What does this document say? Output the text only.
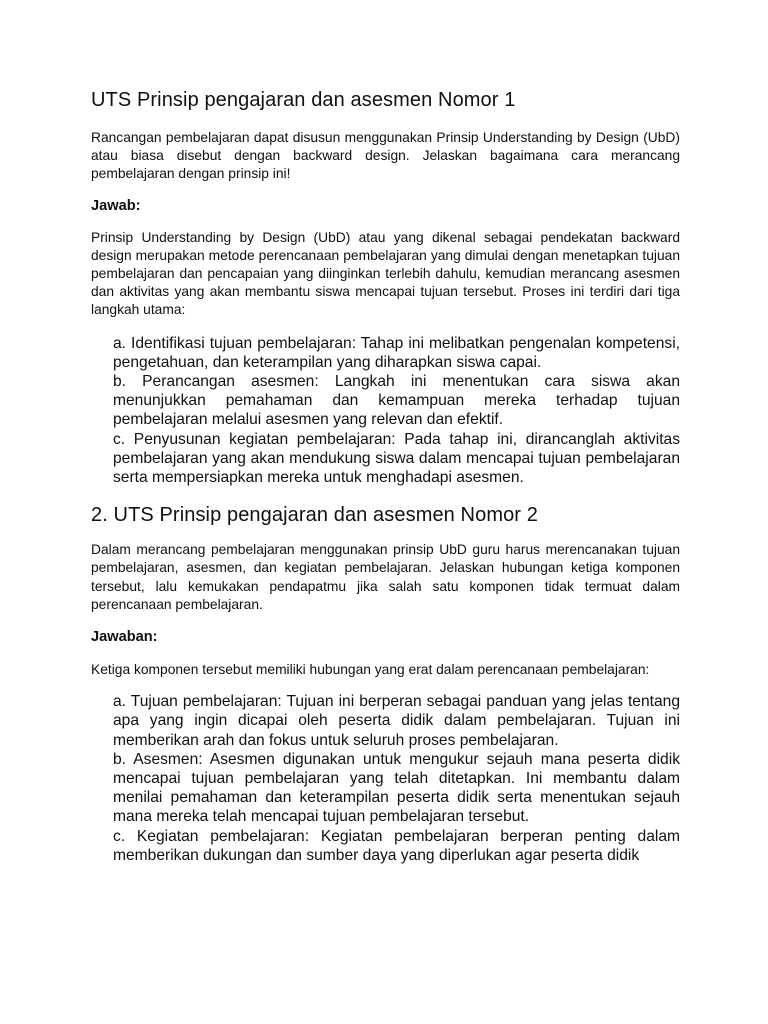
UTS Prinsip pengajaran dan asesmen Nomor 1

Rancangan pembelajaran dapat disusun menggunakan Prinsip Understanding by Design (UbD) atau biasa disebut dengan backward design. Jelaskan bagaimana cara merancang pembelajaran dengan prinsip ini!

Jawab:

Prinsip Understanding by Design (UbD) atau yang dikenal sebagai pendekatan backward design merupakan metode perencanaan pembelajaran yang dimulai dengan menetapkan tujuan pembelajaran dan pencapaian yang diinginkan terlebih dahulu, kemudian merancang asesmen dan aktivitas yang akan membantu siswa mencapai tujuan tersebut. Proses ini terdiri dari tiga langkah utama:

a. Identifikasi tujuan pembelajaran: Tahap ini melibatkan pengenalan kompetensi, pengetahuan, dan keterampilan yang diharapkan siswa capai.
b. Perancangan asesmen: Langkah ini menentukan cara siswa akan menunjukkan pemahaman dan kemampuan mereka terhadap tujuan pembelajaran melalui asesmen yang relevan dan efektif.
c. Penyusunan kegiatan pembelajaran: Pada tahap ini, dirancanglah aktivitas pembelajaran yang akan mendukung siswa dalam mencapai tujuan pembelajaran serta mempersiapkan mereka untuk menghadapi asesmen.
2. UTS Prinsip pengajaran dan asesmen Nomor 2

Dalam merancang pembelajaran menggunakan prinsip UbD guru harus merencanakan tujuan pembelajaran, asesmen, dan kegiatan pembelajaran. Jelaskan hubungan ketiga komponen tersebut, lalu kemukakan pendapatmu jika salah satu komponen tidak termuat dalam perencanaan pembelajaran.

Jawaban:

Ketiga komponen tersebut memiliki hubungan yang erat dalam perencanaan pembelajaran:

a. Tujuan pembelajaran: Tujuan ini berperan sebagai panduan yang jelas tentang apa yang ingin dicapai oleh peserta didik dalam pembelajaran. Tujuan ini memberikan arah dan fokus untuk seluruh proses pembelajaran.
b. Asesmen: Asesmen digunakan untuk mengukur sejauh mana peserta didik mencapai tujuan pembelajaran yang telah ditetapkan. Ini membantu dalam menilai pemahaman dan keterampilan peserta didik serta menentukan sejauh mana mereka telah mencapai tujuan pembelajaran tersebut.
c. Kegiatan pembelajaran: Kegiatan pembelajaran berperan penting dalam memberikan dukungan dan sumber daya yang diperlukan agar peserta didik
